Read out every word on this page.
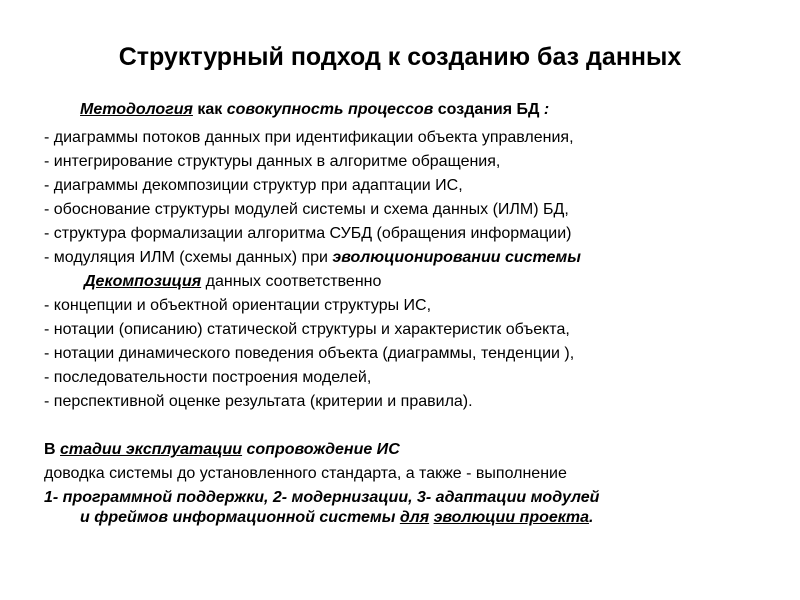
Структурный подход к созданию баз данных
Методология как совокупность процессов создания БД :
- диаграммы потоков данных при идентификации объекта управления,
- интегрирование структуры данных в алгоритме обращения,
- диаграммы декомпозиции структур при адаптации ИС,
- обоснование структуры модулей системы и схема данных (ИЛМ) БД,
- структура формализации алгоритма СУБД (обращения информации)
- модуляция ИЛМ (схемы данных) при эволюционировании системы
Декомпозиция данных соответственно
- концепции и объектной ориентации структуры ИС,
- нотации (описанию) статической структуры и характеристик объекта,
- нотации динамического поведения объекта (диаграммы, тенденции ),
- последовательности построения моделей,
- перспективной оценке результата (критерии и правила).
В стадии эксплуатации сопровождение ИС
доводка системы до установленного стандарта, а также - выполнение
1- программной поддержки, 2- модернизации, 3- адаптации модулей
и фреймов информационной системы для эволюции проекта.
